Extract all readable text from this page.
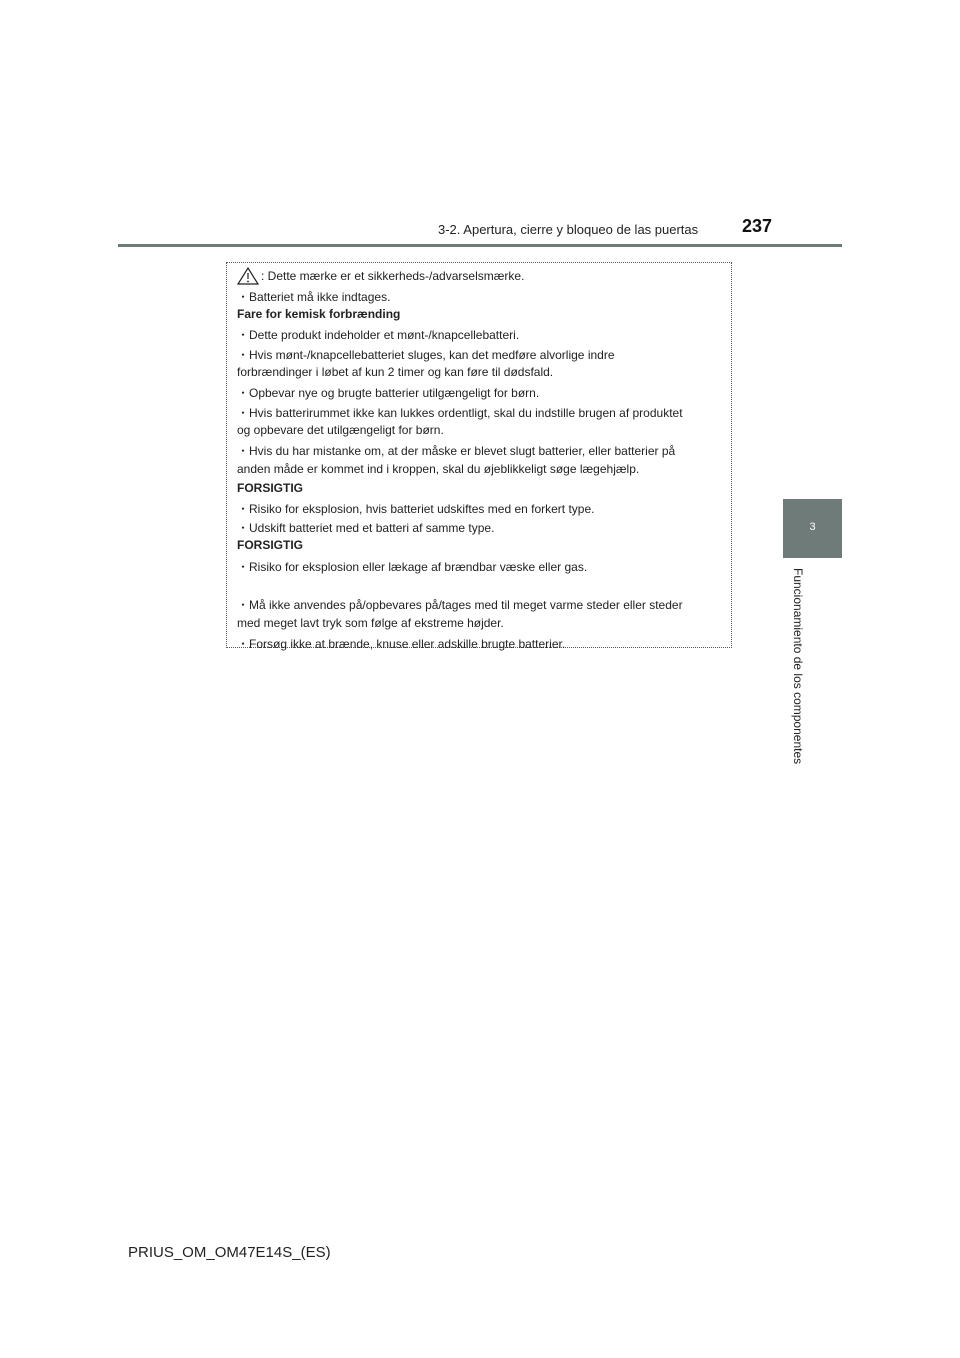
3-2. Apertura, cierre y bloqueo de las puertas 237
3
Funcionamiento de los componentes
: Dette mærke er et sikkerheds-/advarselsmærke.
・Batteriet må ikke indtages.
Fare for kemisk forbrænding
・Dette produkt indeholder et mønt-/knapcellebatteri.
・Hvis mønt-/knapcellebatteriet sluges, kan det medføre alvorlige indre
forbrændinger i løbet af kun 2 timer og kan føre til dødsfald.
・Opbevar nye og brugte batterier utilgængeligt for børn.
・Hvis batterirummet ikke kan lukkes ordentligt, skal du indstille brugen af produktet
og opbevare det utilgængeligt for børn.
・Hvis du har mistanke om, at der måske er blevet slugt batterier, eller batterier på
anden måde er kommet ind i kroppen, skal du øjeblikkeligt søge lægehjælp.
FORSIGTIG
・Risiko for eksplosion, hvis batteriet udskiftes med en forkert type.
・Udskift batteriet med et batteri af samme type.
FORSIGTIG
・Risiko for eksplosion eller lækage af brændbar væske eller gas.
・Må ikke anvendes på/opbevares på/tages med til meget varme steder eller steder
med meget lavt tryk som følge af ekstreme højder.
・Forsøg ikke at brænde, knuse eller adskille brugte batterier.
PRIUS_OM_OM47E14S_(ES)
